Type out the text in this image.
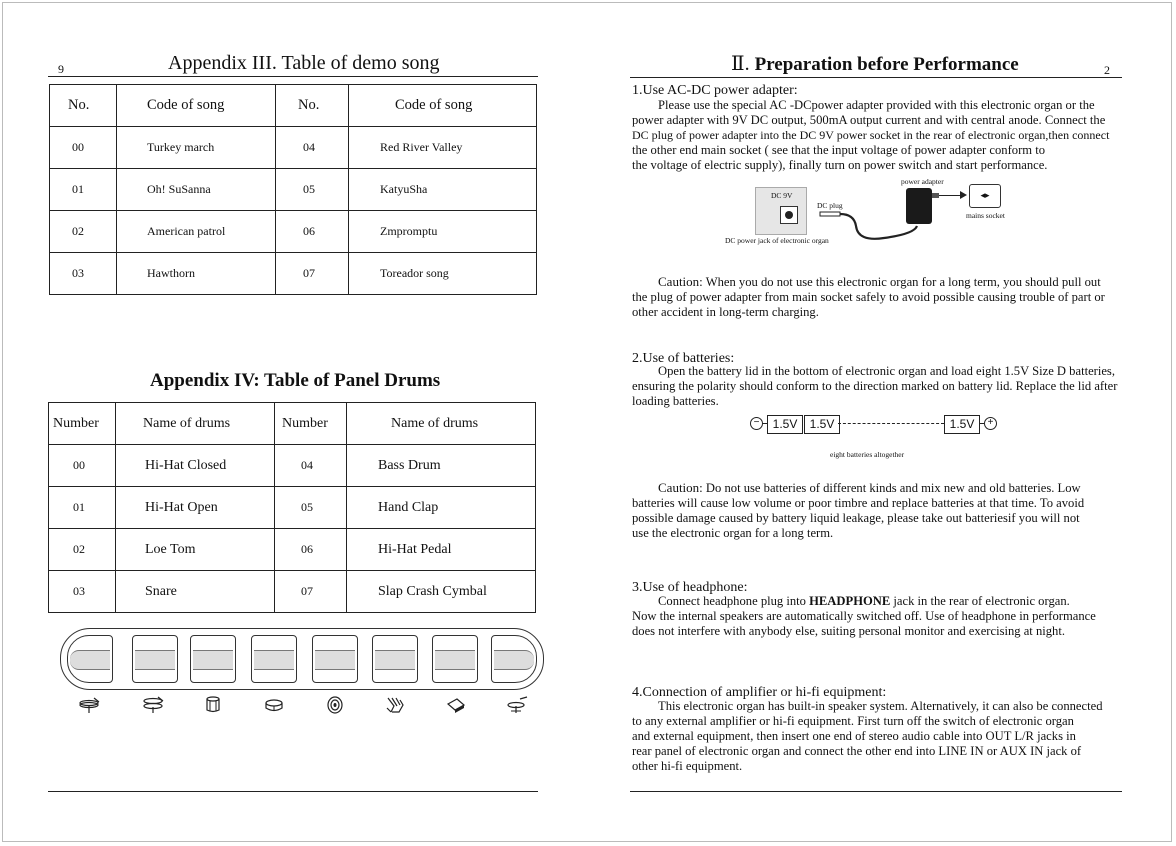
9	Appendix III. Table of demo song
No.	Code of song	No.	Code of song
00	Turkey march	04	Red River Valley
01	Oh! SuSanna	05	KatyuSha
02	American patrol	06	Zmpromptu
03	Hawthorn	07	Toreador song
Appendix IV: Table of Panel Drums
Number	Name of drums	Number	Name of drums
00	Hi-Hat Closed	04	Bass Drum
01	Hi-Hat Open	05	Hand Clap
02	Loe Tom	06	Hi-Hat Pedal
03	Snare	07	Slap Crash Cymbal
Ⅱ. Preparation before Performance	2
1.Use AC-DC power adapter:
Please use the special AC -DCpower adapter provided with this electronic organ or the
power adapter with 9V DC output, 500mA output current and with central anode. Connect the
DC plug of power adapter into the DC 9V power socket in the rear of electronic organ,then connect
the other end main socket ( see that the input voltage of power adapter conform to
the voltage of electric supply), finally turn on power switch and start performance.
DC 9V
DC plug
power adapter
◂▸
mains socket
DC power jack of electronic organ
Caution: When you do not use this electronic organ for a long term, you should pull out
the plug of power adapter from main socket safely to avoid possible causing trouble of part or
other accident in long-term charging.
2.Use of batteries:
Open the battery lid in the bottom of electronic organ and load eight 1.5V Size D batteries,
ensuring the polarity should conform to the direction marked on battery lid. Replace the lid after
loading batteries.
−	1.5V	1.5V	1.5V	+
eight batteries altogether
Caution: Do not use batteries of different kinds and mix new and old batteries. Low
batteries will cause low volume or poor timbre and replace batteries at that time. To avoid
possible damage caused by battery liquid leakage, please take out batteriesif you will not
use the electronic organ for a long term.
3.Use of headphone:
Connect headphone plug into HEADPHONE jack in the rear of electronic organ.
Now the internal speakers are automatically switched off. Use of headphone in performance
does not interfere with anybody else, suiting personal monitor and exercising at night.
4.Connection of amplifier or hi-fi equipment:
This electronic organ has built-in speaker system. Alternatively, it can also be connected
to any external amplifier or hi-fi equipment. First turn off the switch of electronic organ
and external equipment, then insert one end of stereo audio cable into OUT L/R jacks in
rear panel of electronic organ and connect the other end into LINE IN or AUX IN jack of
other hi-fi equipment.
